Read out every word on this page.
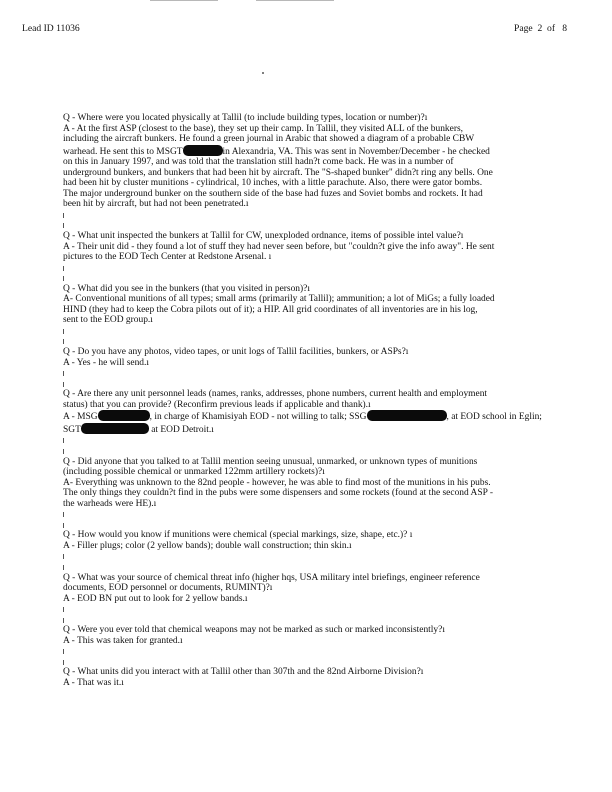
Lead ID 11036	Page  2  of   8

Q - Where were you located physically at Tallil (to include building types, location or number)?ı

A - At the first ASP (closest to the base), they set up their camp. In Tallil, they visited ALL of the bunkers,

including the aircraft bunkers. He found a green journal in Arabic that showed a diagram of a probable CBW

warhead. He sent this to MSGT	in Alexandria, VA. This was sent in November/December - he checked

on this in January 1997, and was told that the translation still hadn?t come back. He was in a number of

underground bunkers, and bunkers that had been hit by aircraft. The "S-shaped bunker" didn?t ring any bells. One

had been hit by cluster munitions - cylindrical, 10 inches, with a little parachute. Also, there were gator bombs.

The major underground bunker on the southern side of the base had fuzes and Soviet bombs and rockets. It had

been hit by aircraft, but had not been penetrated.ı

Q - What unit inspected the bunkers at Tallil for CW, unexploded ordnance, items of possible intel value?ı

A - Their unit did - they found a lot of stuff they had never seen before, but "couldn?t give the info away". He sent

pictures to the EOD Tech Center at Redstone Arsenal. ı

Q - What did you see in the bunkers (that you visited in person)?ı

A- Conventional munitions of all types; small arms (primarily at Tallil); ammunition; a lot of MiGs; a fully loaded

HIND (they had to keep the Cobra pilots out of it); a HIP. All grid coordinates of all inventories are in his log,

sent to the EOD group.ı

Q - Do you have any photos, video tapes, or unit logs of Tallil facilities, bunkers, or ASPs?ı

A - Yes - he will send.ı

Q - Are there any unit personnel leads (names, ranks, addresses, phone numbers, current health and employment

status) that you can provide? (Reconfirm previous leads if applicable and thank).ı

A - MSG	, in charge of Khamisiyah EOD - not willing to talk; SSG	, at EOD school in Eglin;

SGT	at EOD Detroit.ı

Q - Did anyone that you talked to at Tallil mention seeing unusual, unmarked, or unknown types of munitions

(including possible chemical or unmarked 122mm artillery rockets)?ı

A- Everything was unknown to the 82nd people - however, he was able to find most of the munitions in his pubs.

The only things they couldn?t find in the pubs were some dispensers and some rockets (found at the second ASP -

the warheads were HE).ı

Q - How would you know if munitions were chemical (special markings, size, shape, etc.)? ı

A - Filler plugs; color (2 yellow bands); double wall construction; thin skin.ı

Q - What was your source of chemical threat info (higher hqs, USA military intel briefings, engineer reference

documents, EOD personnel or documents, RUMINT)?ı

A - EOD BN put out to look for 2 yellow bands.ı

Q - Were you ever told that chemical weapons may not be marked as such or marked inconsistently?ı

A - This was taken for granted.ı

Q - What units did you interact with at Tallil other than 307th and the 82nd Airborne Division?ı

A - That was it.ı
